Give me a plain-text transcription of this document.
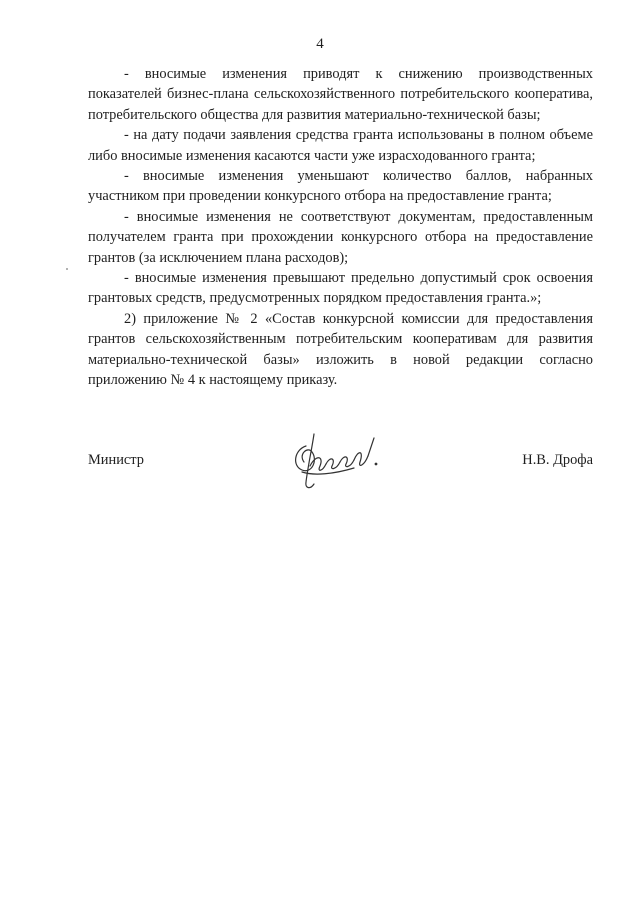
4

- вносимые изменения приводят к снижению производственных показателей бизнес-плана сельскохозяйственного потребительского кооператива, потребительского общества для развития материально-технической базы;

- на дату подачи заявления средства гранта использованы в полном объеме либо вносимые изменения касаются части уже израсходованного гранта;

- вносимые изменения уменьшают количество баллов, набранных участником при проведении конкурсного отбора на предоставление гранта;

- вносимые изменения не соответствуют документам, предоставленным получателем гранта при прохождении конкурсного отбора на предоставление грантов (за исключением плана расходов);

- вносимые изменения превышают предельно допустимый срок освоения грантовых средств, предусмотренных порядком предоставления гранта.»;

2) приложение № 2 «Состав конкурсной комиссии для предоставления грантов сельскохозяйственным потребительским кооперативам для развития материально-технической базы» изложить в новой редакции согласно приложению № 4 к настоящему приказу.

Министр	Н.В. Дрофа
